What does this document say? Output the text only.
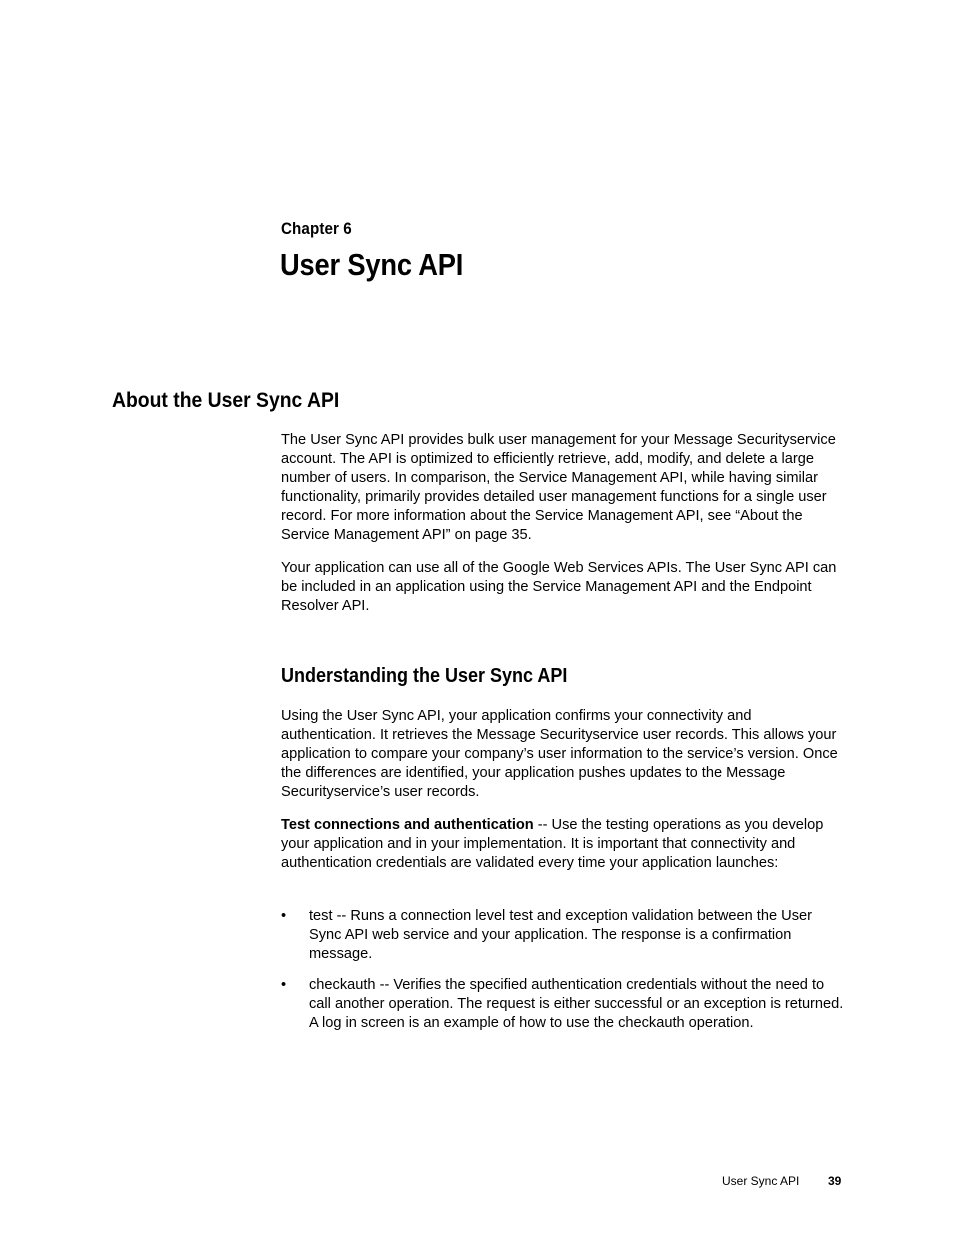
Chapter 6
User Sync API
About the User Sync API

The User Sync API provides bulk user management for your Message Securityservice account. The API is optimized to efficiently retrieve, add, modify, and delete a large number of users. In comparison, the Service Management API, while having similar functionality, primarily provides detailed user management functions for a single user record. For more information about the Service Management API, see “About the Service Management API” on page 35.

Your application can use all of the Google Web Services APIs. The User Sync API can be included in an application using the Service Management API and the Endpoint Resolver API.

Understanding the User Sync API

Using the User Sync API, your application confirms your connectivity and authentication. It retrieves the Message Securityservice user records. This allows your application to compare your company’s user information to the service’s version. Once the differences are identified, your application pushes updates to the Message Securityservice’s user records.

Test connections and authentication -- Use the testing operations as you develop your application and in your implementation. It is important that connectivity and authentication credentials are validated every time your application launches:

• test -- Runs a connection level test and exception validation between the User Sync API web service and your application. The response is a confirmation message.
• checkauth -- Verifies the specified authentication credentials without the need to call another operation. The request is either successful or an exception is returned. A log in screen is an example of how to use the checkauth operation.
User Sync API 39
